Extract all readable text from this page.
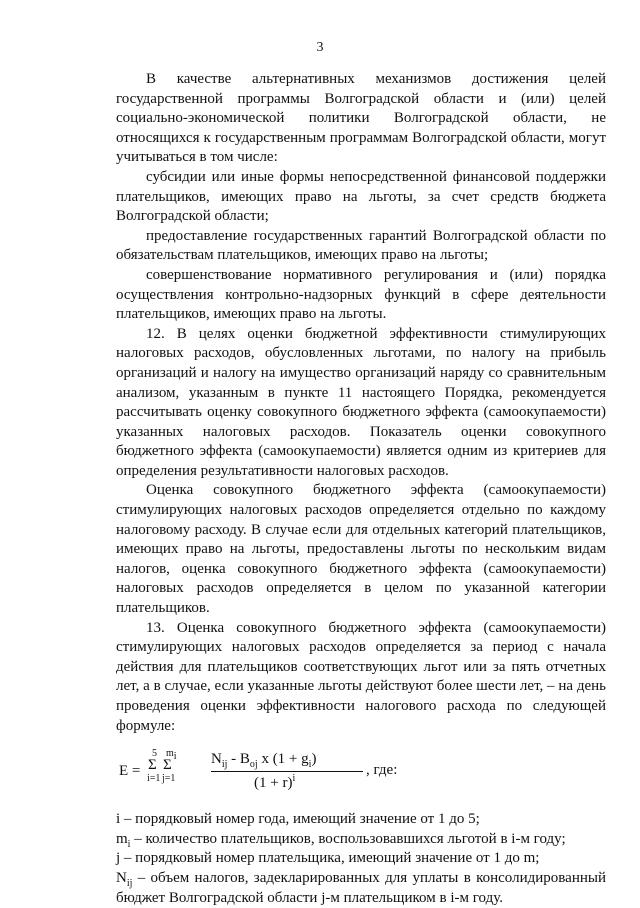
3

В качестве альтернативных механизмов достижения целей государственной программы Волгоградской области и (или) целей социально-экономической политики Волгоградской области, не относящихся к государственным программам Волгоградской области, могут учитываться в том числе:

субсидии или иные формы непосредственной финансовой поддержки плательщиков, имеющих право на льготы, за счет средств бюджета Волгоградской области;

предоставление государственных гарантий Волгоградской области по обязательствам плательщиков, имеющих право на льготы;

совершенствование нормативного регулирования и (или) порядка осуществления контрольно-надзорных функций в сфере деятельности плательщиков, имеющих право на льготы.

12. В целях оценки бюджетной эффективности стимулирующих налоговых расходов, обусловленных льготами, по налогу на прибыль организаций и налогу на имущество организаций наряду со сравнительным анализом, указанным в пункте 11 настоящего Порядка, рекомендуется рассчитывать оценку совокупного бюджетного эффекта (самоокупаемости) указанных налоговых расходов. Показатель оценки совокупного бюджетного эффекта (самоокупаемости) является одним из критериев для определения результативности налоговых расходов.

Оценка совокупного бюджетного эффекта (самоокупаемости) стимулирующих налоговых расходов определяется отдельно по каждому налоговому расходу. В случае если для отдельных категорий плательщиков, имеющих право на льготы, предоставлены льготы по нескольким видам налогов, оценка совокупного бюджетного эффекта (самоокупаемости) налоговых расходов определяется в целом по указанной категории плательщиков.

13. Оценка совокупного бюджетного эффекта (самоокупаемости) стимулирующих налоговых расходов определяется за период с начала действия для плательщиков соответствующих льгот или за пять отчетных лет, а в случае, если указанные льготы действуют более шести лет, – на день проведения оценки эффективности налогового расхода по следующей формуле:

E =
5
Σ
i=1
$m_i$
Σ
j=1
$N_{ij} - B_{oj}$ x $(1 + g_i)$
$(1 + r)^i$
, где:

i – порядковый номер года, имеющий значение от 1 до 5;

$m_i$ – количество плательщиков, воспользовавшихся льготой в i-м году;

j – порядковый номер плательщика, имеющий значение от 1 до m;

$N_{ij}$ – объем налогов, задекларированных для уплаты в консолидированный бюджет Волгоградской области j-м плательщиком в i-м году.
